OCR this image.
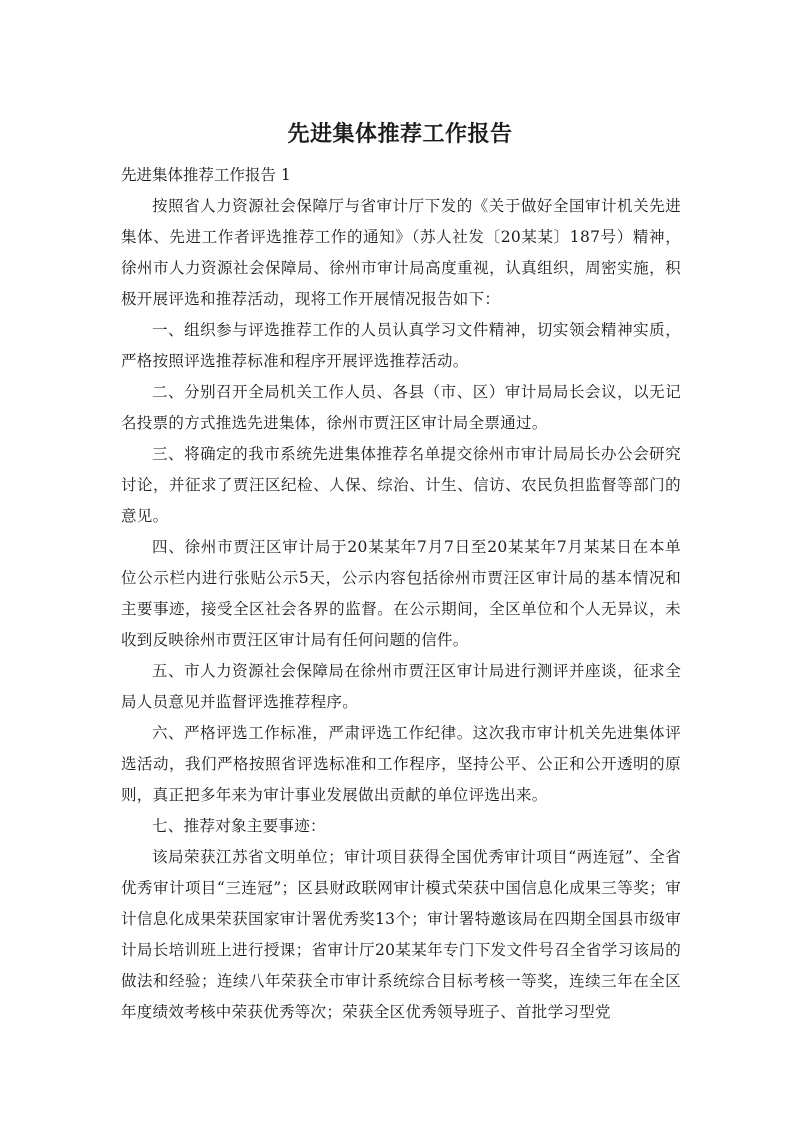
先进集体推荐工作报告

先进集体推荐工作报告 1

按照省人力资源社会保障厅与省审计厅下发的《关于做好全国审计机关先进集体、先进工作者评选推荐工作的通知》（苏人社发〔20某某〕187号）精神，徐州市人力资源社会保障局、徐州市审计局高度重视，认真组织，周密实施，积极开展评选和推荐活动，现将工作开展情况报告如下：

一、组织参与评选推荐工作的人员认真学习文件精神，切实领会精神实质，严格按照评选推荐标准和程序开展评选推荐活动。

二、分别召开全局机关工作人员、各县（市、区）审计局局长会议，以无记名投票的方式推选先进集体，徐州市贾汪区审计局全票通过。

三、将确定的我市系统先进集体推荐名单提交徐州市审计局局长办公会研究讨论，并征求了贾汪区纪检、人保、综治、计生、信访、农民负担监督等部门的意见。

四、徐州市贾汪区审计局于20某某年7月7日至20某某年7月某某日在本单位公示栏内进行张贴公示5天，公示内容包括徐州市贾汪区审计局的基本情况和主要事迹，接受全区社会各界的监督。在公示期间，全区单位和个人无异议，未收到反映徐州市贾汪区审计局有任何问题的信件。

五、市人力资源社会保障局在徐州市贾汪区审计局进行测评并座谈，征求全局人员意见并监督评选推荐程序。

六、严格评选工作标准，严肃评选工作纪律。这次我市审计机关先进集体评选活动，我们严格按照省评选标准和工作程序，坚持公平、公正和公开透明的原则，真正把多年来为审计事业发展做出贡献的单位评选出来。

七、推荐对象主要事迹：

该局荣获江苏省文明单位；审计项目获得全国优秀审计项目“两连冠”、全省优秀审计项目“三连冠”；区县财政联网审计模式荣获中国信息化成果三等奖；审计信息化成果荣获国家审计署优秀奖13个；审计署特邀该局在四期全国县市级审计局长培训班上进行授课；省审计厅20某某年专门下发文件号召全省学习该局的做法和经验；连续八年荣获全市审计系统综合目标考核一等奖，连续三年在全区年度绩效考核中荣获优秀等次；荣获全区优秀领导班子、首批学习型党
